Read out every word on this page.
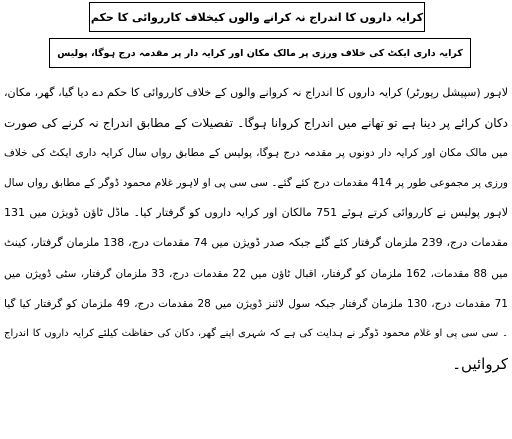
کرایہ داروں کا اندراج نہ کرانے والوں کیخلاف کارروائی کا حکم
کرایہ داری ایکٹ کی خلاف ورزی پر مالک مکان اور کرایہ دار پر مقدمہ درج ہوگا، پولیس
لاہور (سپیشل رپورٹر) کرایہ داروں کا اندراج نہ کروانے والوں کے خلاف کارروائی کا حکم دے دیا گیا، گھر، مکان،
دکان کرائے پر دینا ہے تو تھانے میں اندراج کروانا ہوگا۔ تفصیلات کے مطابق اندراج نہ کرنے کی صورت
میں مالک مکان اور کرایہ دار دونوں پر مقدمہ درج ہوگا، پولیس کے مطابق رواں سال کرایہ داری ایکٹ کی خلاف
ورزی پر مجموعی طور پر 414 مقدمات درج کئے گئے۔ سی سی پی او لاہور غلام محمود ڈوگر کے مطابق رواں سال
لاہور پولیس نے کارروائی کرتے ہوئے 751 مالکان اور کرایہ داروں کو گرفتار کیا۔ ماڈل ٹاؤن ڈویژن میں 131
مقدمات درج، 239 ملزمان گرفتار کئے گئے جبکہ صدر ڈویژن میں 74 مقدمات درج، 138 ملزمان گرفتار، کینٹ
میں 88 مقدمات، 162 ملزمان کو گرفتار، اقبال ٹاؤن میں 22 مقدمات درج، 33 ملزمان گرفتار، سٹی ڈویژن میں
71 مقدمات درج، 130 ملزمان گرفتار جبکہ سول لائنز ڈویژن میں 28 مقدمات درج، 49 ملزمان کو گرفتار کیا گیا
۔ سی سی پی او غلام محمود ڈوگر نے ہدایت کی ہے کہ شہری اپنے گھر، دکان کی حفاظت کیلئے کرایہ داروں کا اندراج
کروائیں۔
